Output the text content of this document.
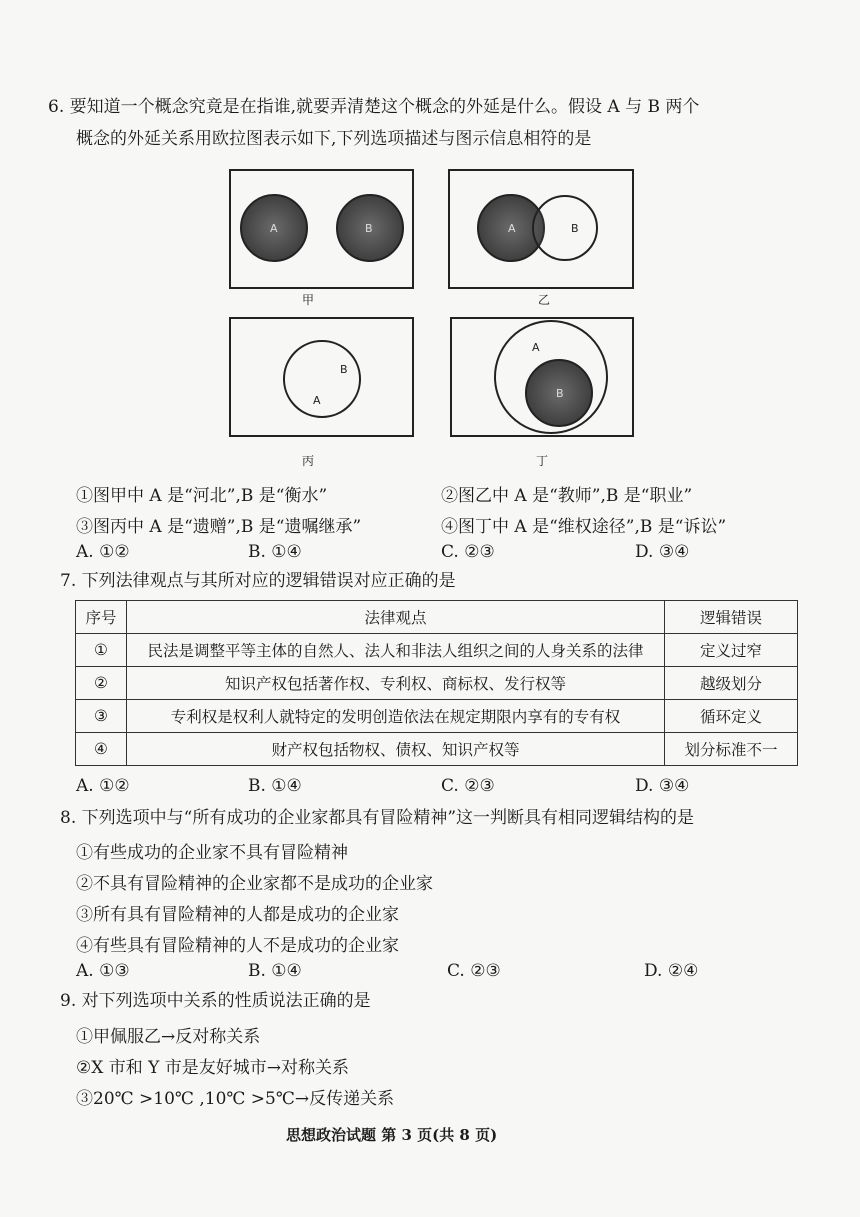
6. 要知道一个概念究竟是在指谁,就要弄清楚这个概念的外延是什么。假设 A 与 B 两个
概念的外延关系用欧拉图表示如下,下列选项描述与图示信息相符的是
A	B
甲
A	B
乙
B
A
丙
A
B
丁
①图甲中 A 是“河北”,B 是“衡水”	②图乙中 A 是“教师”,B 是“职业”
③图丙中 A 是“遗赠”,B 是“遗嘱继承”	④图丁中 A 是“维权途径”,B 是“诉讼”
A. ①②	B. ①④	C. ②③	D. ③④
7. 下列法律观点与其所对应的逻辑错误对应正确的是
序号	法律观点	逻辑错误
①	民法是调整平等主体的自然人、法人和非法人组织之间的人身关系的法律	定义过窄
②	知识产权包括著作权、专利权、商标权、发行权等	越级划分
③	专利权是权利人就特定的发明创造依法在规定期限内享有的专有权	循环定义
④	财产权包括物权、债权、知识产权等	划分标准不一
A. ①②	B. ①④	C. ②③	D. ③④
8. 下列选项中与“所有成功的企业家都具有冒险精神”这一判断具有相同逻辑结构的是
①有些成功的企业家不具有冒险精神
②不具有冒险精神的企业家都不是成功的企业家
③所有具有冒险精神的人都是成功的企业家
④有些具有冒险精神的人不是成功的企业家
A. ①③	B. ①④	C. ②③	D. ②④
9. 对下列选项中关系的性质说法正确的是
①甲佩服乙→反对称关系
②X 市和 Y 市是友好城市→对称关系
③20℃ >10℃ ,10℃ >5℃→反传递关系
思想政治试题 第 3 页(共 8 页)
